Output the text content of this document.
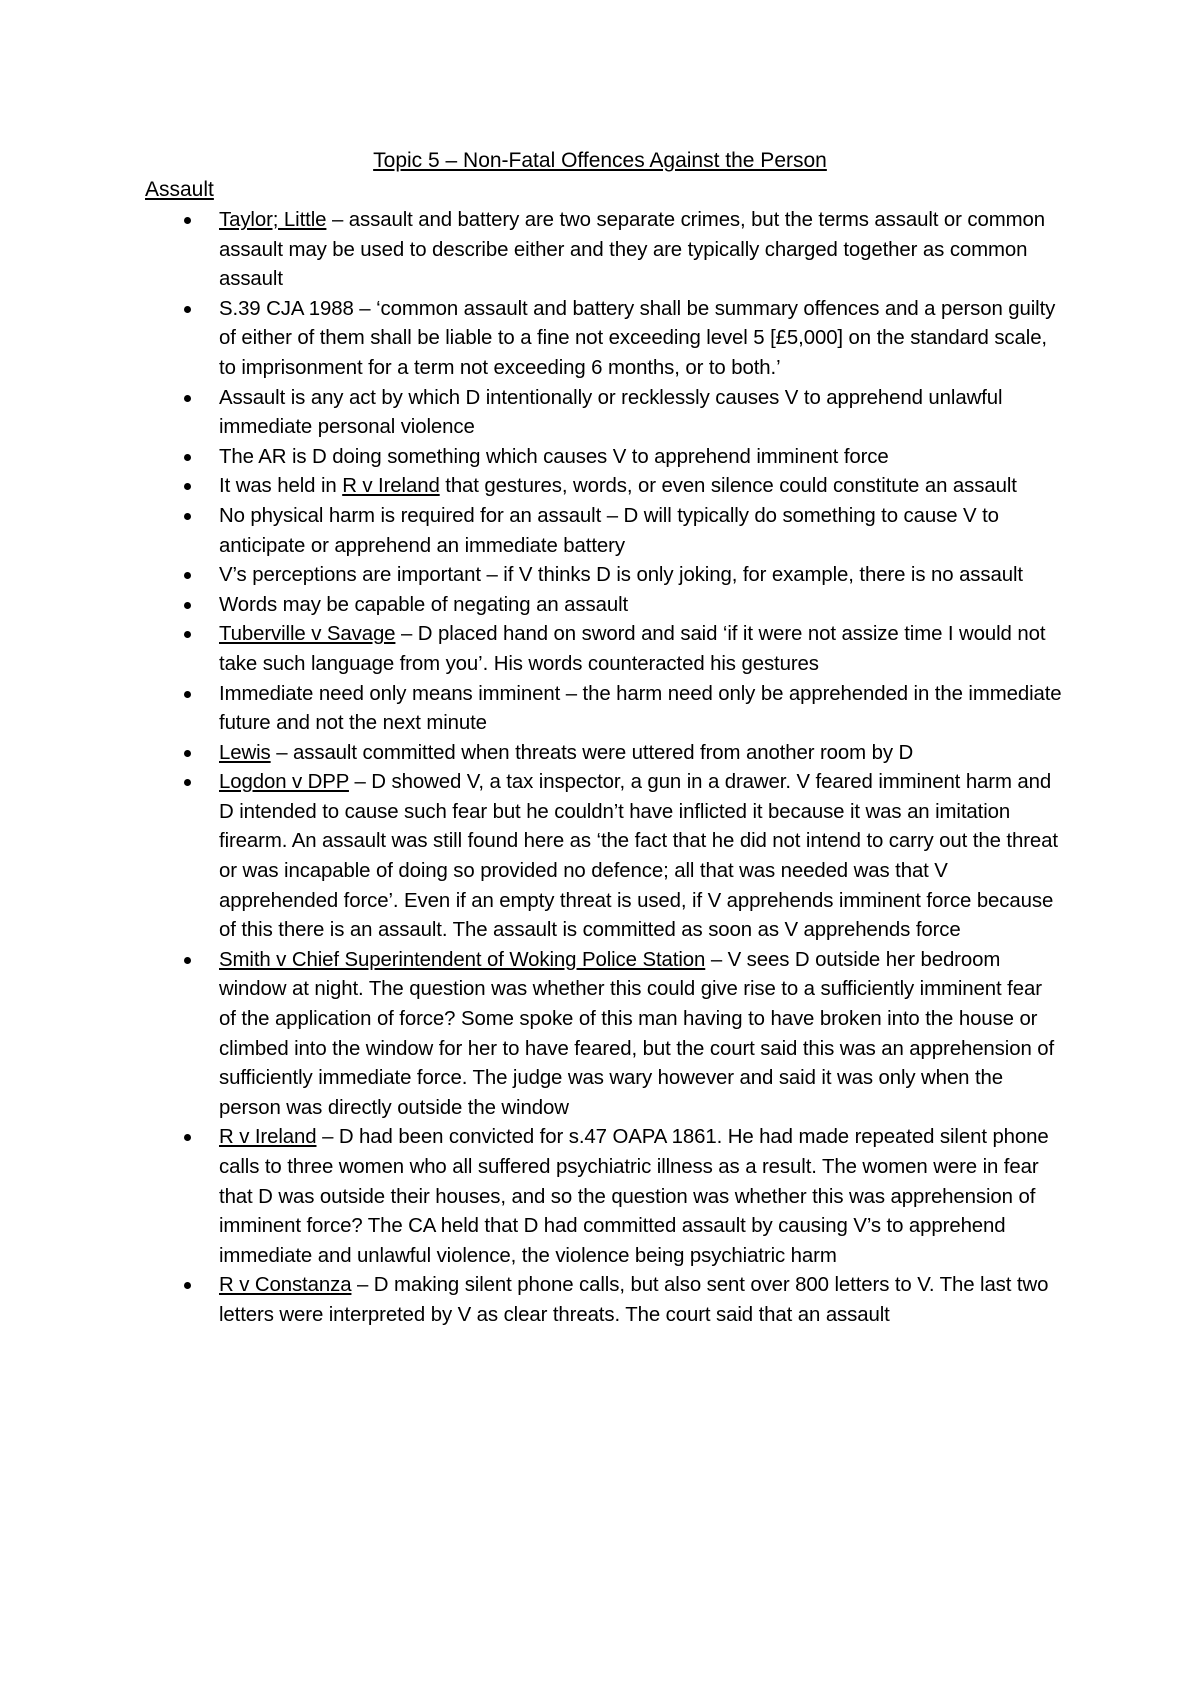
Topic 5 – Non-Fatal Offences Against the Person
Assault
Taylor; Little – assault and battery are two separate crimes, but the terms assault or common assault may be used to describe either and they are typically charged together as common assault
S.39 CJA 1988 – ‘common assault and battery shall be summary offences and a person guilty of either of them shall be liable to a fine not exceeding level 5 [£5,000] on the standard scale, to imprisonment for a term not exceeding 6 months, or to both.’
Assault is any act by which D intentionally or recklessly causes V to apprehend unlawful immediate personal violence
The AR is D doing something which causes V to apprehend imminent force
It was held in R v Ireland that gestures, words, or even silence could constitute an assault
No physical harm is required for an assault – D will typically do something to cause V to anticipate or apprehend an immediate battery
V’s perceptions are important – if V thinks D is only joking, for example, there is no assault
Words may be capable of negating an assault
Tuberville v Savage – D placed hand on sword and said ‘if it were not assize time I would not take such language from you’. His words counteracted his gestures
Immediate need only means imminent – the harm need only be apprehended in the immediate future and not the next minute
Lewis – assault committed when threats were uttered from another room by D
Logdon v DPP – D showed V, a tax inspector, a gun in a drawer. V feared imminent harm and D intended to cause such fear but he couldn’t have inflicted it because it was an imitation firearm. An assault was still found here as ‘the fact that he did not intend to carry out the threat or was incapable of doing so provided no defence; all that was needed was that V apprehended force’. Even if an empty threat is used, if V apprehends imminent force because of this there is an assault. The assault is committed as soon as V apprehends force
Smith v Chief Superintendent of Woking Police Station – V sees D outside her bedroom window at night. The question was whether this could give rise to a sufficiently imminent fear of the application of force? Some spoke of this man having to have broken into the house or climbed into the window for her to have feared, but the court said this was an apprehension of sufficiently immediate force. The judge was wary however and said it was only when the person was directly outside the window
R v Ireland – D had been convicted for s.47 OAPA 1861. He had made repeated silent phone calls to three women who all suffered psychiatric illness as a result. The women were in fear that D was outside their houses, and so the question was whether this was apprehension of imminent force? The CA held that D had committed assault by causing V’s to apprehend immediate and unlawful violence, the violence being psychiatric harm
R v Constanza – D making silent phone calls, but also sent over 800 letters to V. The last two letters were interpreted by V as clear threats. The court said that an assault
